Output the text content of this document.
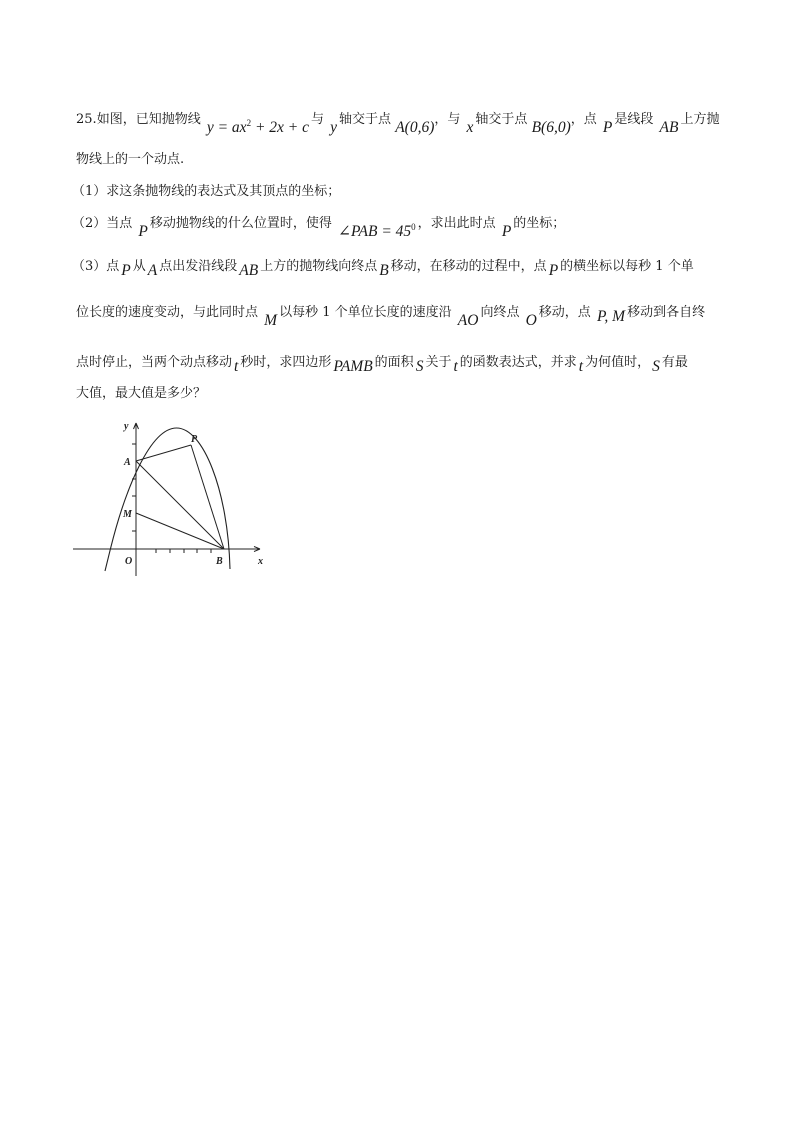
25.如图，已知抛物线 $y = ax^2 + 2x + c$ 与 y 轴交于点 A(0,6)，与 x 轴交于点 B(6,0)，点 P 是线段 AB 上方抛
物线上的一个动点.
（1）求这条抛物线的表达式及其顶点的坐标；
（2）当点 P 移动抛物线的什么位置时，使得 ∠PAB = $45^0$ ，求出此时点 P 的坐标；
（3）点 P 从 A 点出发沿线段 AB 上方的抛物线向终点 B 移动，在移动的过程中，点 P 的横坐标以每秒 1 个单
位长度的速度变动，与此同时点 M 以每秒 1 个单位长度的速度沿 AO 向终点 O 移动，点 P, M 移动到各自终
点时停止，当两个动点移动 t 秒时，求四边形 PAMB 的面积 S 关于 t 的函数表达式，并求 t 为何值时， S 有最
大值，最大值是多少？
y
x
A
P
M
O	B
